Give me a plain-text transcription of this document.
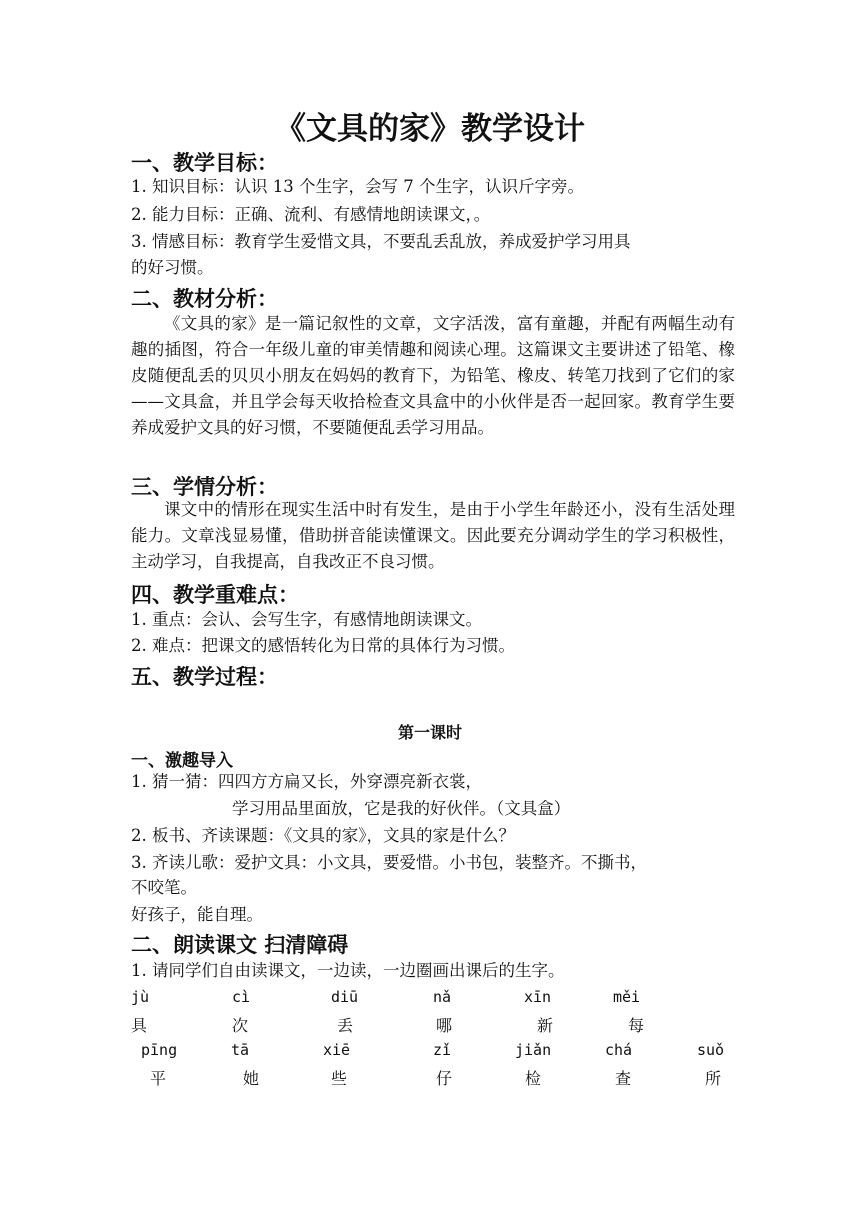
《文具的家》教学设计
一、教学目标：
1. 知识目标：认识 13 个生字，会写 7 个生字，认识斤字旁。
2. 能力目标：正确、流利、有感情地朗读课文，。
3. 情感目标：教育学生爱惜文具，不要乱丢乱放，养成爱护学习用具
的好习惯。
二、教材分析：
《文具的家》是一篇记叙性的文章，文字活泼，富有童趣，并配有两幅生动有趣的插图，符合一年级儿童的审美情趣和阅读心理。这篇课文主要讲述了铅笔、橡皮随便乱丢的贝贝小朋友在妈妈的教育下，为铅笔、橡皮、转笔刀找到了它们的家——文具盒，并且学会每天收拾检查文具盒中的小伙伴是否一起回家。教育学生要养成爱护文具的好习惯，不要随便乱丢学习用品。
三、学情分析：
课文中的情形在现实生活中时有发生，是由于小学生年龄还小，没有生活处理能力。文章浅显易懂，借助拼音能读懂课文。因此要充分调动学生的学习积极性，主动学习，自我提高，自我改正不良习惯。
四、教学重难点：
1. 重点：会认、会写生字，有感情地朗读课文。
2. 难点：把课文的感悟转化为日常的具体行为习惯。
五、教学过程：
第一课时
一、激趣导入
1. 猜一猜：四四方方扁又长，外穿漂亮新衣裳，
学习用品里面放，它是我的好伙伴。（文具盒）
2. 板书、齐读课题：《文具的家》，文具的家是什么？
3. 齐读儿歌：爱护文具：小文具，要爱惜。小书包，装整齐。不撕书，
不咬笔。
好孩子，能自理。
二、朗读课文 扫清障碍
1. 请同学们自由读课文，一边读，一边圈画出课后的生字。
jù	cì	diū	nǎ	xīn	měi
具	次	丢	哪	新	每
pīng	tā	xiē	zǐ	jiǎn	chá	suǒ
平	她	些	仔	检	查	所
